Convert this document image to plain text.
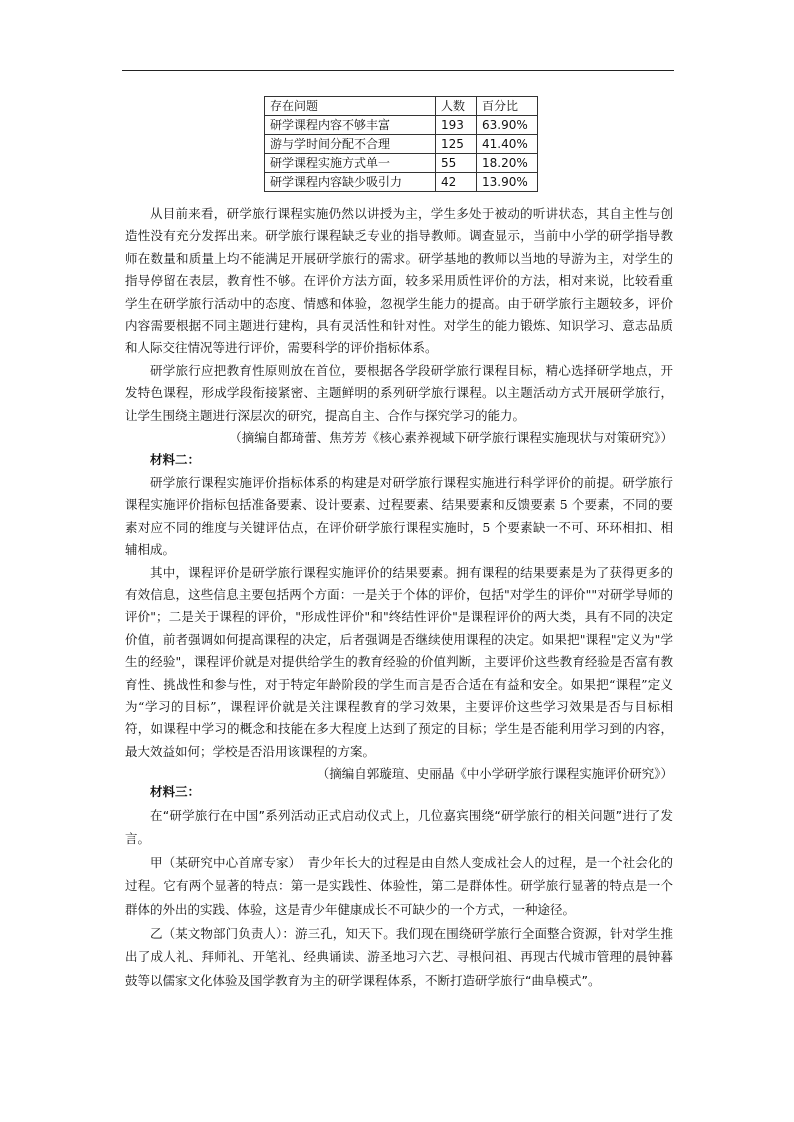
存在问题	人数	百分比
研学课程内容不够丰富	193	63.90%
游与学时间分配不合理	125	41.40%
研学课程实施方式单一	55	18.20%
研学课程内容缺少吸引力	42	13.90%

从目前来看，研学旅行课程实施仍然以讲授为主，学生多处于被动的听讲状态，其自主性与创造性没有充分发挥出来。研学旅行课程缺乏专业的指导教师。调查显示，当前中小学的研学指导教师在数量和质量上均不能满足开展研学旅行的需求。研学基地的教师以当地的导游为主，对学生的指导停留在表层，教育性不够。在评价方法方面，较多采用质性评价的方法，相对来说，比较看重学生在研学旅行活动中的态度、情感和体验，忽视学生能力的提高。由于研学旅行主题较多，评价内容需要根据不同主题进行建构，具有灵活性和针对性。对学生的能力锻炼、知识学习、意志品质和人际交往情况等进行评价，需要科学的评价指标体系。

研学旅行应把教育性原则放在首位，要根据各学段研学旅行课程目标，精心选择研学地点，开发特色课程，形成学段衔接紧密、主题鲜明的系列研学旅行课程。以主题活动方式开展研学旅行，让学生围绕主题进行深层次的研究，提高自主、合作与探究学习的能力。

（摘编自都琦蕾、焦芳芳《核心素养视域下研学旅行课程实施现状与对策研究》）

材料二：

研学旅行课程实施评价指标体系的构建是对研学旅行课程实施进行科学评价的前提。研学旅行课程实施评价指标包括准备要素、设计要素、过程要素、结果要素和反馈要素 5 个要素，不同的要素对应不同的维度与关键评估点，在评价研学旅行课程实施时，5 个要素缺一不可、环环相扣、相辅相成。

其中，课程评价是研学旅行课程实施评价的结果要素。拥有课程的结果要素是为了获得更多的有效信息，这些信息主要包括两个方面：一是关于个体的评价，包括"对学生的评价""对研学导师的评价"；二是关于课程的评价，"形成性评价"和"终结性评价"是课程评价的两大类，具有不同的决定价值，前者强调如何提高课程的决定，后者强调是否继续使用课程的决定。如果把"课程"定义为"学生的经验"，课程评价就是对提供给学生的教育经验的价值判断，主要评价这些教育经验是否富有教育性、挑战性和参与性，对于特定年龄阶段的学生而言是否合适在有益和安全。如果把“课程”定义为“学习的目标”，课程评价就是关注课程教育的学习效果，主要评价这些学习效果是否与目标相符，如课程中学习的概念和技能在多大程度上达到了预定的目标；学生是否能利用学习到的内容，最大效益如何；学校是否沿用该课程的方案。

（摘编自郭璇瑄、史丽晶《中小学研学旅行课程实施评价研究》）

材料三：

在“研学旅行在中国”系列活动正式启动仪式上，几位嘉宾围绕“研学旅行的相关问题”进行了发言。

甲（某研究中心首席专家）　青少年长大的过程是由自然人变成社会人的过程，是一个社会化的过程。它有两个显著的特点：第一是实践性、体验性，第二是群体性。研学旅行显著的特点是一个群体的外出的实践、体验，这是青少年健康成长不可缺少的一个方式，一种途径。

乙（某文物部门负责人）：游三孔，知天下。我们现在围绕研学旅行全面整合资源，针对学生推出了成人礼、拜师礼、开笔礼、经典诵读、游圣地习六艺、寻根问祖、再现古代城市管理的晨钟暮鼓等以儒家文化体验及国学教育为主的研学课程体系，不断打造研学旅行“曲阜模式”。
